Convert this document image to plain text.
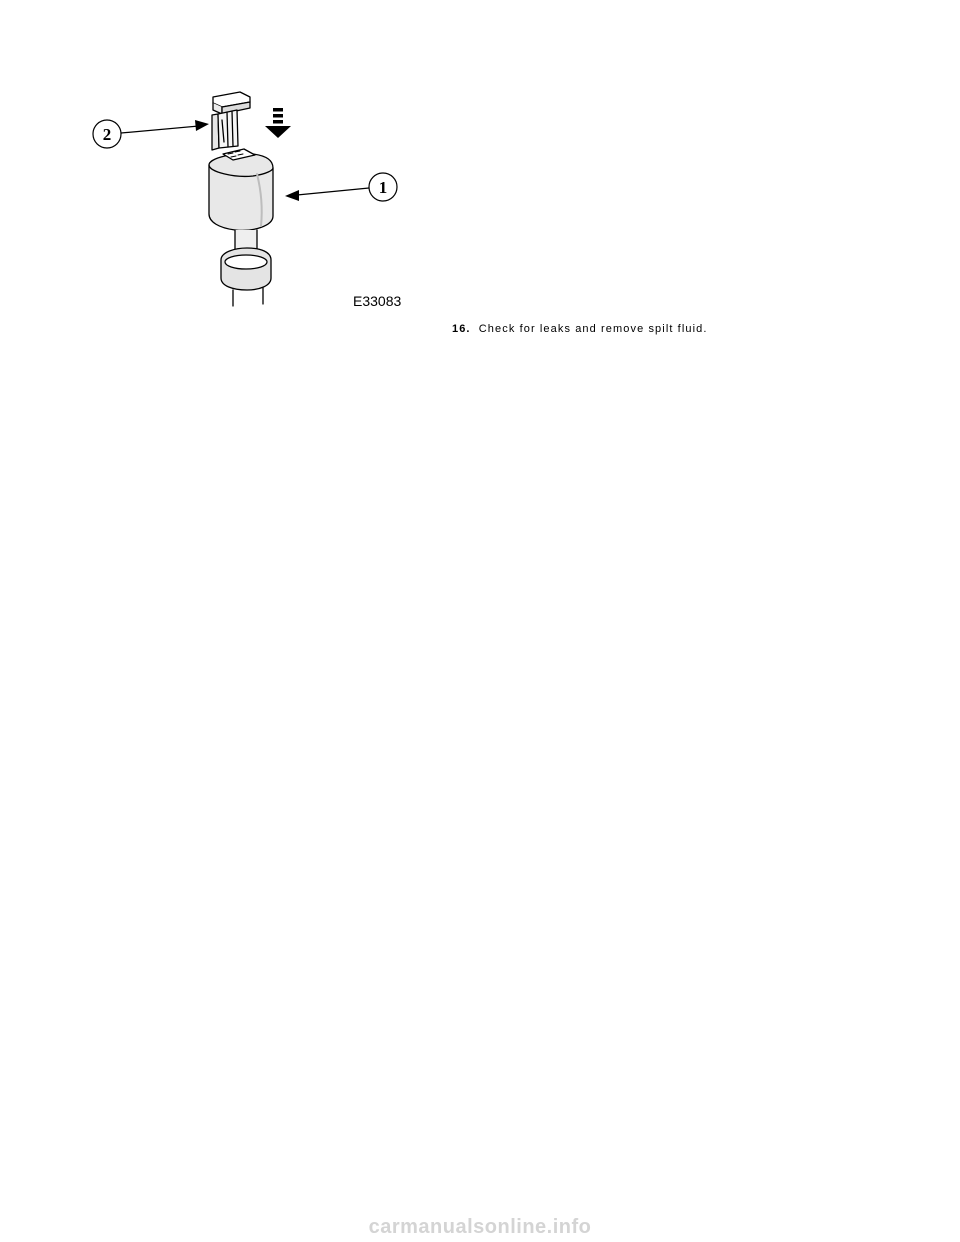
2
1
E33083
16. Check for leaks and remove spilt fluid.
carmanualsonline.info
